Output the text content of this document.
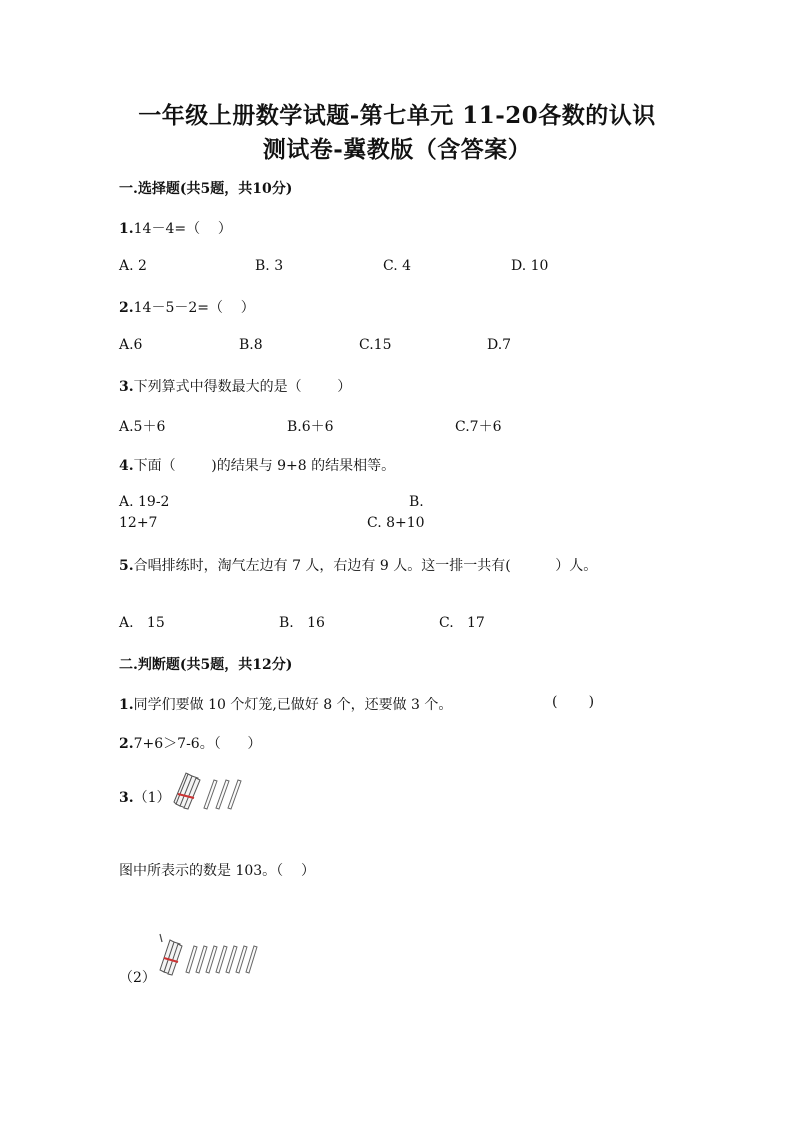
一年级上册数学试题-第七单元 11-20各数的认识
测试卷-冀教版（含答案）
一.选择题(共5题，共10分)
1.14－4=（    ）
A. 2	B. 3	C. 4	D. 10
2.14－5－2=（    ）
A.6	B.8	C.15	D.7
3.下列算式中得数最大的是（        ）
A.5＋6	B.6＋6	C.7＋6
4.下面（        )的结果与 9+8 的结果相等。
A. 19-2	B.
12+7	C. 8+10
5.合唱排练时，淘气左边有 7 人，右边有 9 人。这一排一共有(          ）人。
A.   15	B.   16	C.   17
二.判断题(共5题，共12分)
1.同学们要做 10 个灯笼,已做好 8 个，还要做 3 个。	(       )
2.7+6＞7-6。（      ）
3.（1）
图中所表示的数是 103。（    ）
（2）
